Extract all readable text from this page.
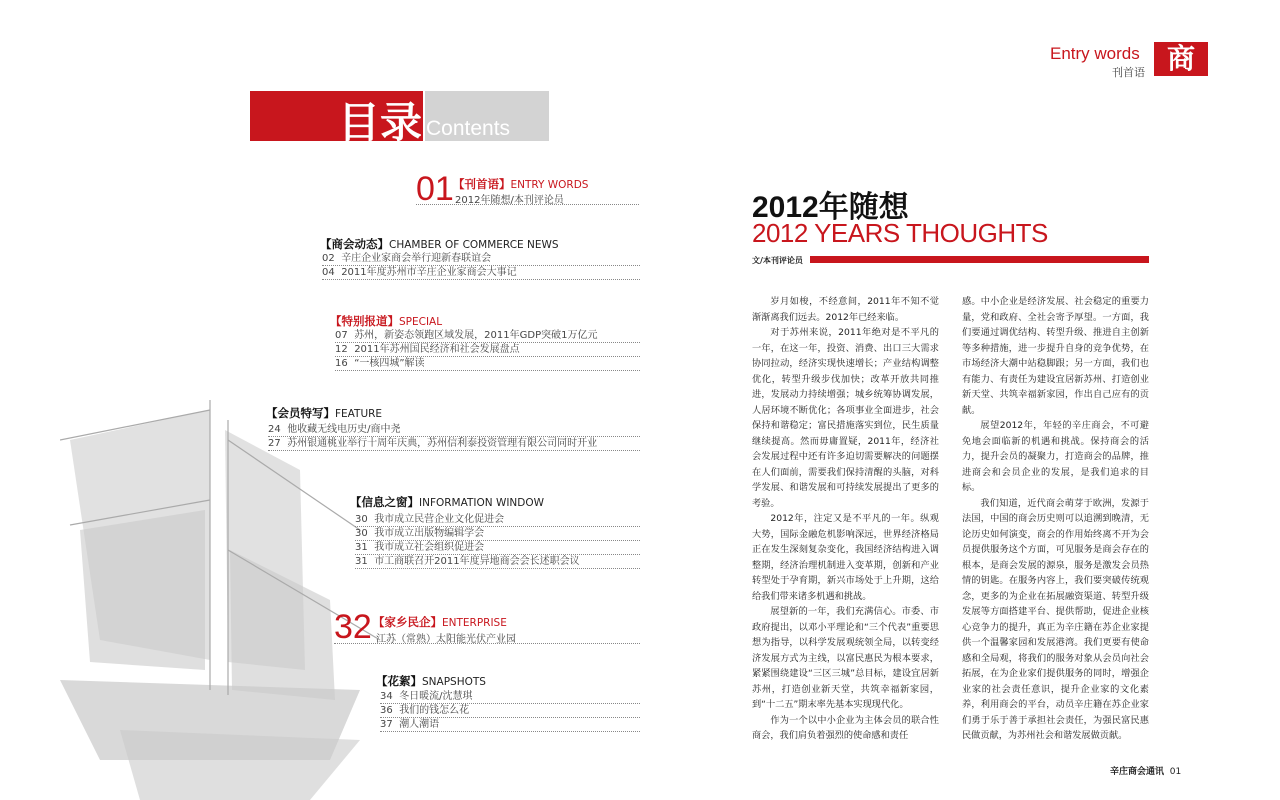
Entry words
刊首语 商
目录 Contents
01 【刊首语】ENTRY WORDS
2012年随想/本刊评论员
【商会动态】CHAMBER OF COMMERCE NEWS
02 辛庄企业家商会举行迎新春联谊会
04 2011年度苏州市辛庄企业家商会大事记
【特别报道】SPECIAL
07 苏州，新姿态领跑区域发展，2011年GDP突破1万亿元
12 2011年苏州国民经济和社会发展盘点
16 “一核四城”解读
【会员特写】FEATURE
24 他收藏无线电历史/商中尧
27 苏州银通桃业举行十周年庆典，苏州信利泰投资管理有限公司同时开业
【信息之窗】INFORMATION WINDOW
30 我市成立民营企业文化促进会
30 我市成立出版物编辑学会
31 我市成立社会组织促进会
31 市工商联召开2011年度异地商会会长述职会议
32 【家乡民企】ENTERPRISE
江苏（常熟）太阳能光伏产业园
【花絮】SNAPSHOTS
34 冬日暖流/沈慧琪
36 我们的钱怎么花
37 潮人潮语
2012年随想
2012 YEARS THOUGHTS
文/本刊评论员

岁月如梭，不经意间，2011年不知不觉渐渐离我们远去。2012年已经来临。

对于苏州来说，2011年绝对是不平凡的一年，在这一年，投资、消费、出口三大需求协同拉动，经济实现快速增长；产业结构调整优化，转型升级步伐加快；改革开放共同推进，发展动力持续增强；城乡统筹协调发展，人居环境不断优化；各项事业全面进步，社会保持和谐稳定；富民措施落实到位，民生质量继续提高。然而毋庸置疑，2011年，经济社会发展过程中还有许多迫切需要解决的问题摆在人们面前，需要我们保持清醒的头脑，对科学发展、和谐发展和可持续发展提出了更多的考验。

2012年，注定又是不平凡的一年。纵观大势，国际金融危机影响深远，世界经济格局正在发生深刻复杂变化，我国经济结构进入调整期，经济治理机制进入变革期，创新和产业转型处于孕育期，新兴市场处于上升期，这给给我们带来诸多机遇和挑战。

展望新的一年，我们充满信心。市委、市政府提出，以邓小平理论和“三个代表”重要思想为指导，以科学发展观统领全局，以转变经济发展方式为主线，以富民惠民为根本要求，紧紧围绕建设“三区三城”总目标，建设宜居新苏州，打造创业新天堂，共筑幸福新家园，到“十二五”期末率先基本实现现代化。

作为一个以中小企业为主体会员的联合性商会，我们肩负着强烈的使命感和责任

感。中小企业是经济发展、社会稳定的重要力量，党和政府、全社会寄予厚望。一方面，我们要通过调优结构、转型升级、推进自主创新等多种措施，进一步提升自身的竞争优势，在市场经济大潮中站稳脚跟；另一方面，我们也有能力、有责任为建设宜居新苏州、打造创业新天堂、共筑幸福新家园，作出自己应有的贡献。

展望2012年，年轻的辛庄商会，不可避免地会面临新的机遇和挑战。保持商会的活力，提升会员的凝聚力，打造商会的品牌，推进商会和会员企业的发展，是我们追求的目标。

我们知道，近代商会萌芽于欧洲，发源于法国，中国的商会历史则可以追溯到晚清，无论历史如何演变，商会的作用始终离不开为会员提供服务这个方面，可见服务是商会存在的根本，是商会发展的源泉，服务是激发会员热情的钥匙。在服务内容上，我们要突破传统观念，更多的为企业在拓展融资渠道、转型升级发展等方面搭建平台、提供帮助，促进企业核心竞争力的提升，真正为辛庄籍在苏企业家提供一个温馨家园和发展港湾。我们更要有使命感和全局观，将我们的服务对象从会员向社会拓展，在为企业家们提供服务的同时，增强企业家的社会责任意识，提升企业家的文化素养，利用商会的平台，动员辛庄籍在苏企业家们勇于乐于善于承担社会责任，为强民富民惠民做贡献，为苏州社会和谐发展做贡献。

辛庄商会通讯 01
